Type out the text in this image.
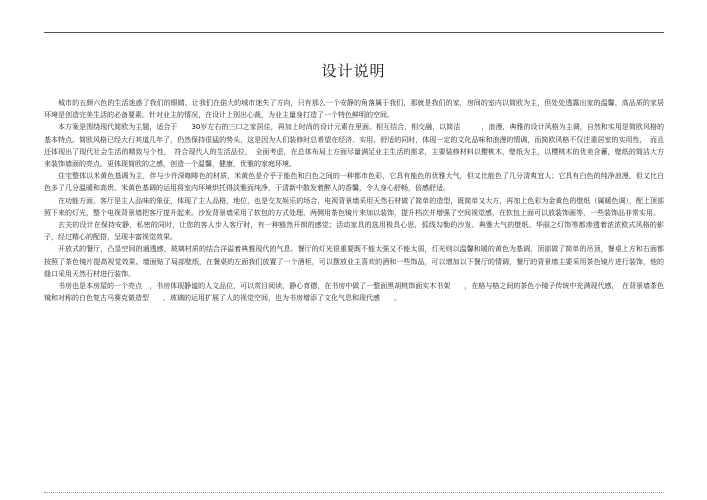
设计说明

城市的五颜六色的生活迷惑了我们的眼睛，让我们在偌大的城市迷失了方向，只有那么一个安静的角落属于我们，那就是我们的家，房间的室内以简欧为主，但处处透露出家的温馨，高品质的家居环境是创造完美生活的必备要素。针对业主的情况，在设计上别出心裁，为业主量身打造了一个特色鲜明的空间。

本方案是围绕现代简欧为主题，适合于　　30岁左右的三口之家居住，再加上时尚的设计元素在里面。相互结合，相交融，以简洁　　　，浪漫，典雅的设计风格为主调，自然和实用是简欧风格的基本特点。简欧风格已经大行其道几年了，仍然保持很猛的势头，这是因为人们装修时总希望在经济、实用、舒适的同时，体现一定的文化品味和浪漫的情调，而简欧风格不仅注重居室的实用性，　而且还体现出了现代社会生活的精致与个性，　符合现代人的生活品位，　全面考虑，在总体布局上方面尽量满足业主生活的需求，主要装修材料以樱桃木，壁纸为主，以樱桃木的优美含蓄，壁纸的简洁大方来装饰墙面的亮点。更体现简欧的之感，创造一个温馨，健康，优雅的家庭环境。

住宅整体以米黄色基调为主，伴与少许深咖啡色的材质，米黄色是介乎于能色和白色之间的一种都市色彩，它具有能色的优雅大气，但又比能色了几分清爽宜人；它具有白色的纯净浪漫，但又比白色多了几分温暖和高贵。米黄色基调的运用将室内环境烘托得淡雅而纯净，于清新中散发着醉人的香馨，令人身心舒畅，倍感舒适。

在功能方面，客厅是主人品味的象征，体现了主人品格，地位，也是交友娱乐的场合，电视背景墙采用天然石材做了简单的造型，既简单又大方，再加上色彩为金黄色的壁纸（属暖色调），配上顶部照下来的灯光，整个电视背景墙把客厅提升起来。沙发背景墙采用了软包的方式处理，两侧用茶色镜片来加以装饰，提升档次并增强了空间视觉感，在软包上面可以放装饰画等，一些装饰品非常实用。

玄关的设计在保持安静，私密的同时，让您的客人步入客厅时，有一种豁然开朗的感觉；活动家具的选用极具心思，弧线勾勒的沙发、典雅大气的壁纸、华丽之灯饰等都渗透着浓浓欧式风格的影子，经过精心的配搭，呈现丰富视觉效果。

开放式的餐厅，凸显空间的通透感，玻璃材质的结合洋溢着典雅现代的气息。餐厅的灯光很重要既不能太强又不能太弱，灯光则以温馨和暖的黄色为基调，顶部做了简单的吊顶，餐桌上方和右面都按照了茶色镜片提高视觉效果。墙面贴了局部壁纸，在餐桌的左面我们放置了一个酒柜，可以摆放业主喜欢的酒和一些饰品，可以增加以下餐厅的情调，餐厅的背景墙主要采用茶色镜片进行装饰，他的缝口采用天然石材进行装饰。

书房也是本房屋的一个亮点　，书房体现静谧的人文品位，可以赏目阅读，静心育德，在书房中做了一整面黑胡桃饰面实木书架　　，在格与格之间的茶色小镜子传统中充满现代感，　在背景墙茶色镜和对称的白色复古马赛克做造型　　，玻璃的运用扩展了人的视觉空间，也为书房增添了文化气息和现代感　　。
